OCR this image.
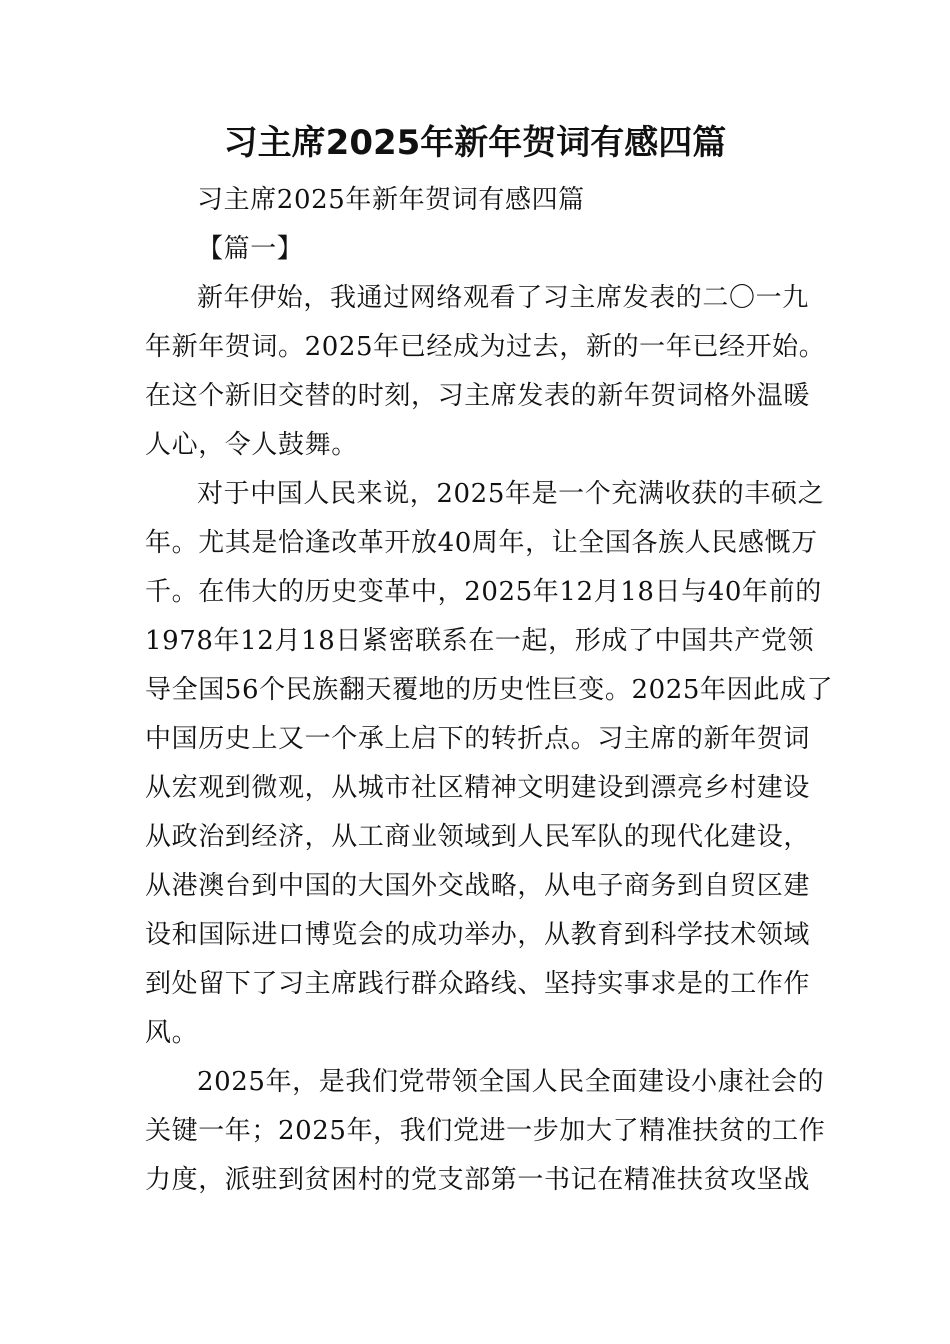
习主席2025年新年贺词有感四篇

习主席2025年新年贺词有感四篇

【篇一】

新年伊始，我通过网络观看了习主席发表的二〇一九

年新年贺词。2025年已经成为过去，新的一年已经开始。

在这个新旧交替的时刻，习主席发表的新年贺词格外温暖

人心，令人鼓舞。

对于中国人民来说，2025年是一个充满收获的丰硕之

年。尤其是恰逢改革开放40周年，让全国各族人民感慨万

千。在伟大的历史变革中，2025年12月18日与40年前的

1978年12月18日紧密联系在一起，形成了中国共产党领

导全国56个民族翻天覆地的历史性巨变。2025年因此成了

中国历史上又一个承上启下的转折点。习主席的新年贺词

从宏观到微观，从城市社区精神文明建设到漂亮乡村建设

从政治到经济，从工商业领域到人民军队的现代化建设，

从港澳台到中国的大国外交战略，从电子商务到自贸区建

设和国际进口博览会的成功举办，从教育到科学技术领域

到处留下了习主席践行群众路线、坚持实事求是的工作作

风。

2025年，是我们党带领全国人民全面建设小康社会的

关键一年；2025年，我们党进一步加大了精准扶贫的工作

力度，派驻到贫困村的党支部第一书记在精准扶贫攻坚战
